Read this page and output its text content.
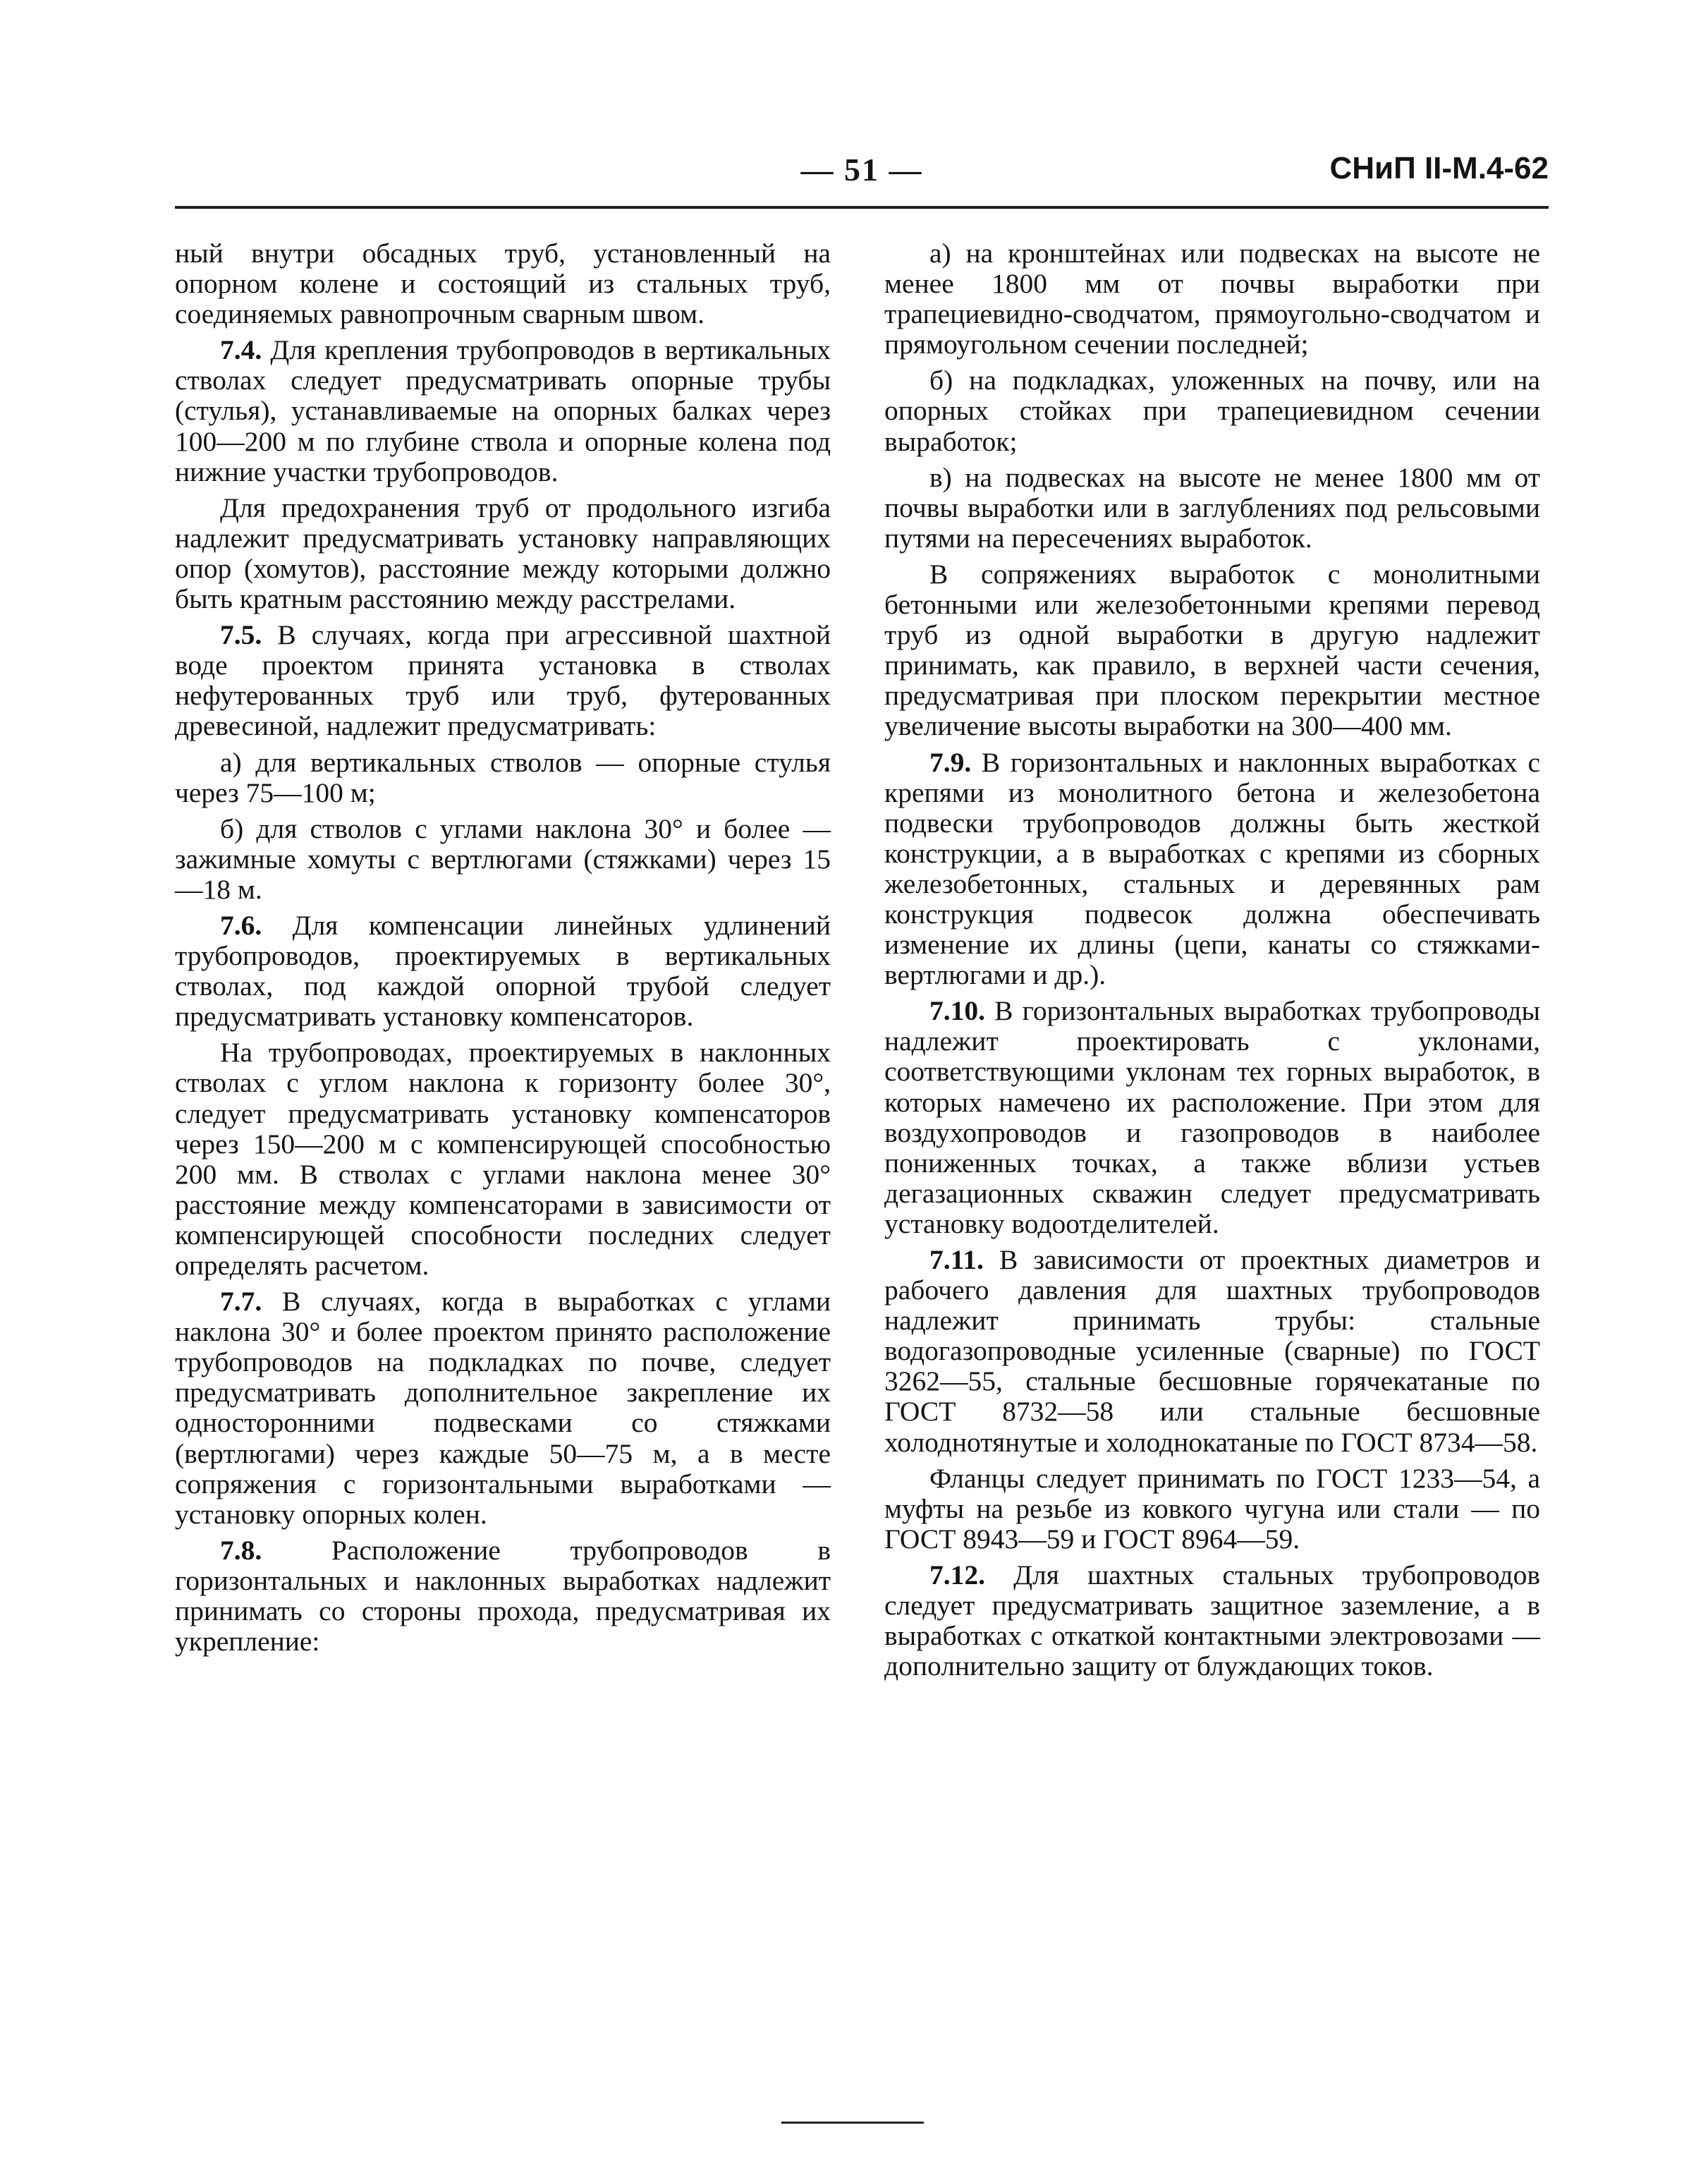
— 51 —	СНиП II-М.4-62

ный внутри обсадных труб, установленный на опорном колене и состоящий из стальных труб, соединяемых равнопрочным сварным швом.

7.4. Для крепления трубопроводов в вертикальных стволах следует предусматривать опорные трубы (стулья), устанавливаемые на опорных балках через 100—200 м по глубине ствола и опорные колена под нижние участки трубопроводов.

Для предохранения труб от продольного изгиба надлежит предусматривать установку направляющих опор (хомутов), расстояние между которыми должно быть кратным расстоянию между расстрелами.

7.5. В случаях, когда при агрессивной шахтной воде проектом принята установка в стволах нефутерованных труб или труб, футерованных древесиной, надлежит предусматривать:

а) для вертикальных стволов — опорные стулья через 75—100 м;

б) для стволов с углами наклона 30° и более — зажимные хомуты с вертлюгами (стяжками) через 15—18 м.

7.6. Для компенсации линейных удлинений трубопроводов, проектируемых в вертикальных стволах, под каждой опорной трубой следует предусматривать установку компенсаторов.

На трубопроводах, проектируемых в наклонных стволах с углом наклона к горизонту более 30°, следует предусматривать установку компенсаторов через 150—200 м с компенсирующей способностью 200 мм. В стволах с углами наклона менее 30° расстояние между компенсаторами в зависимости от компенсирующей способности последних следует определять расчетом.

7.7. В случаях, когда в выработках с углами наклона 30° и более проектом принято расположение трубопроводов на подкладках по почве, следует предусматривать дополнительное закрепление их односторонними подвесками со стяжками (вертлюгами) через каждые 50—75 м, а в месте сопряжения с горизонтальными выработками — установку опорных колен.

7.8. Расположение трубопроводов в горизонтальных и наклонных выработках надлежит принимать со стороны прохода, предусматривая их укрепление:

а) на кронштейнах или подвесках на высоте не менее 1800 мм от почвы выработки при трапециевидно-сводчатом, прямоугольно-сводчатом и прямоугольном сечении последней;

б) на подкладках, уложенных на почву, или на опорных стойках при трапециевидном сечении выработок;

в) на подвесках на высоте не менее 1800 мм от почвы выработки или в заглублениях под рельсовыми путями на пересечениях выработок.

В сопряжениях выработок с монолитными бетонными или железобетонными крепями перевод труб из одной выработки в другую надлежит принимать, как правило, в верхней части сечения, предусматривая при плоском перекрытии местное увеличение высоты выработки на 300—400 мм.

7.9. В горизонтальных и наклонных выработках с крепями из монолитного бетона и железобетона подвески трубопроводов должны быть жесткой конструкции, а в выработках с крепями из сборных железобетонных, стальных и деревянных рам конструкция подвесок должна обеспечивать изменение их длины (цепи, канаты со стяжками-вертлюгами и др.).

7.10. В горизонтальных выработках трубопроводы надлежит проектировать с уклонами, соответствующими уклонам тех горных выработок, в которых намечено их расположение. При этом для воздухопроводов и газопроводов в наиболее пониженных точках, а также вблизи устьев дегазационных скважин следует предусматривать установку водоотделителей.

7.11. В зависимости от проектных диаметров и рабочего давления для шахтных трубопроводов надлежит принимать трубы: стальные водогазопроводные усиленные (сварные) по ГОСТ 3262—55, стальные бесшовные горячекатаные по ГОСТ 8732—58 или стальные бесшовные холоднотянутые и холоднокатаные по ГОСТ 8734—58.

Фланцы следует принимать по ГОСТ 1233—54, а муфты на резьбе из ковкого чугуна или стали — по ГОСТ 8943—59 и ГОСТ 8964—59.

7.12. Для шахтных стальных трубопроводов следует предусматривать защитное заземление, а в выработках с откаткой контактными электровозами — дополнительно защиту от блуждающих токов.
